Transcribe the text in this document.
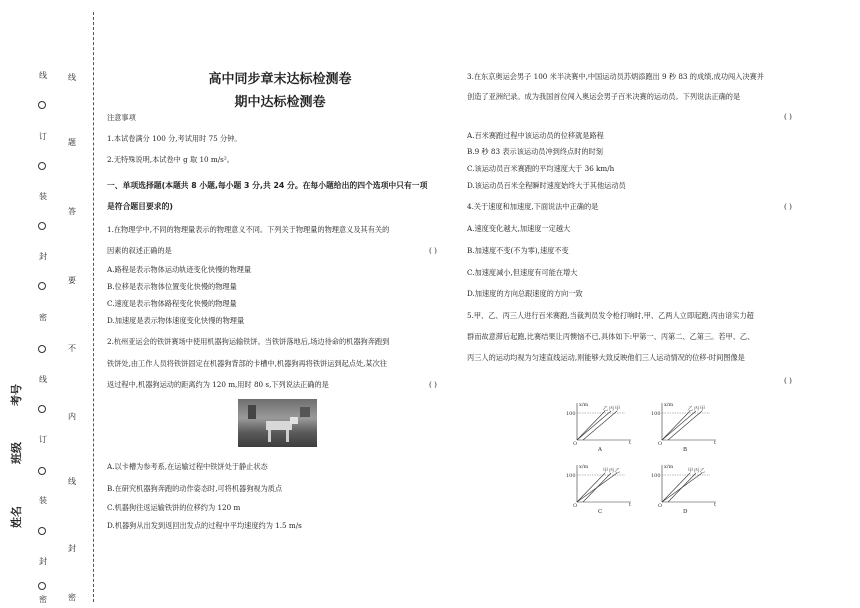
线
订
装
封
密
线
订
装
封
密
姓名
班级
考号
线
题
答
要
不
内
线
封
密
高中同步章末达标检测卷
期中达标检测卷
注意事项
1.本试卷满分 100 分,考试用时 75 分钟。
2.无特殊说明,本试卷中 g 取 10 m/s²。
一、单项选择题(本题共 8 小题,每小题 3 分,共 24 分。在每小题给出的四个选项中只有一项
是符合题目要求的)
1.在物理学中,不同的物理量表示的物理意义不同。下列关于物理量的物理意义及其有关的
因素的叙述正确的是	( )
A.路程是表示物体运动轨迹变化快慢的物理量
B.位移是表示物体位置变化快慢的物理量
C.速度是表示物体路程变化快慢的物理量
D.加速度是表示物体速度变化快慢的物理量
2.杭州亚运会的铁饼赛场中使用机器狗运输铁饼。当铁饼落地后,场边待命的机器狗奔跑到
铁饼处,由工作人员将铁饼固定在机器狗背部的卡槽中,机器狗再将铁饼运到起点处,某次往
返过程中,机器狗运动的距离约为 120 m,用时 80 s,下列说法正确的是	( )
A.以卡槽为参考系,在运输过程中铁饼处于静止状态
B.在研究机器狗奔跑的动作姿态时,可将机器狗视为质点
C.机器狗往返运输铁饼的位移约为 120 m
D.机器狗从出发到返回出发点的过程中平均速度约为 1.5 m/s
3.在东京奥运会男子 100 米半决赛中,中国运动员苏炳添跑出 9 秒 83 的成绩,成功闯入决赛并
创造了亚洲纪录。成为我国首位闯入奥运会男子百米决赛的运动员。下列说法正确的是
( )
A.百米赛跑过程中该运动员的位移就是路程
B.9 秒 83 表示该运动员冲到终点时的时刻
C.该运动员百米赛跑的平均速度大于 36 km/h
D.该运动员百米全程瞬时速度始终大于其他运动员
4.关于速度和加速度,下面说法中正确的是	( )
A.速度变化越大,加速度一定越大
B.加速度不变(不为零),速度不变
C.加速度减小,但速度有可能在增大
D.加速度的方向总跟速度的方向一致
5.甲、乙、丙三人进行百米赛跑,当裁判员发令枪打响时,甲、乙两人立即起跑,丙由谙实力超
群而故意滞后起跑,比赛结果让丙懊恼不已,具体如下:甲第一、丙第二、乙第三。若甲、乙、
丙三人的运动均视为匀速直线运动,则能够大致反映他们三人运动情况的位移-时间图像是
( )
x/m
t
100
O
乙 丙 甲
A
x/m
t
100
O
乙 丙 甲
B
x/m
t
100
O
甲 丙 乙
C
x/m
t
100
O
甲 丙 乙
D
